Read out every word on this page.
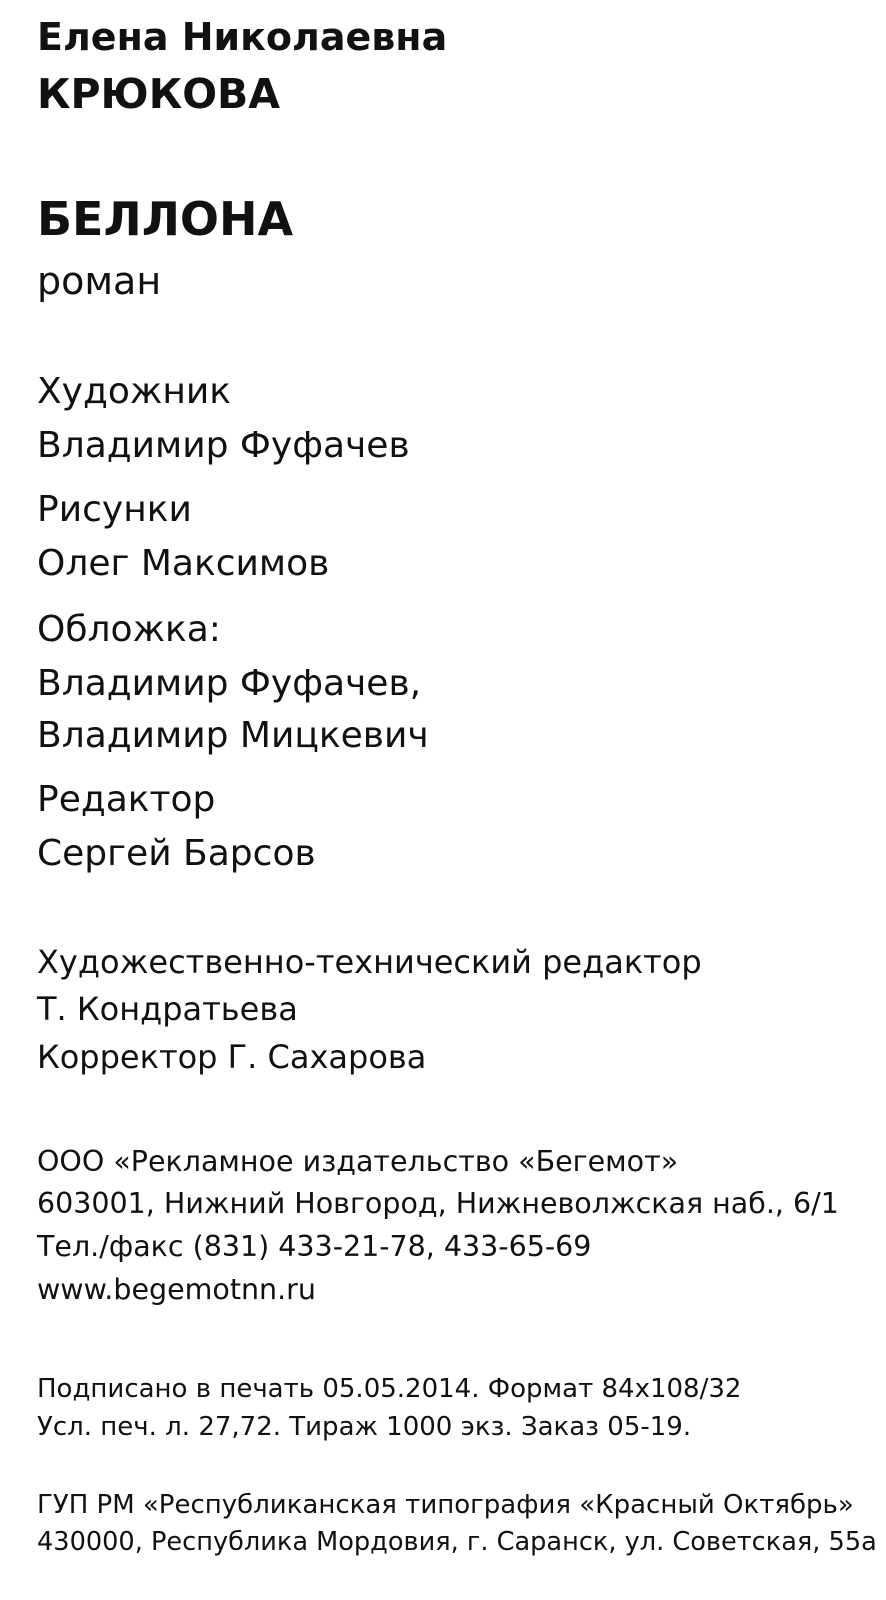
Елена Николаевна
КРЮКОВА
БЕЛЛОНА
роман
Художник
Владимир Фуфачев
Рисунки
Олег Максимов
Обложка:
Владимир Фуфачев,
Владимир Мицкевич
Редактор
Сергей Барсов
Художественно-технический редактор
Т. Кондратьева
Корректор Г. Сахарова
ООО «Рекламное издательство «Бегемот»
603001, Нижний Новгород, Нижневолжская наб., 6/1
Тел./факс (831) 433-21-78, 433-65-69
www.begemotnn.ru
Подписано в печать 05.05.2014. Формат 84х108/32
Усл. печ. л. 27,72. Тираж 1000 экз. Заказ 05-19.
ГУП РМ «Республиканская типография «Красный Октябрь»
430000, Республика Мордовия, г. Саранск, ул. Советская, 55а
